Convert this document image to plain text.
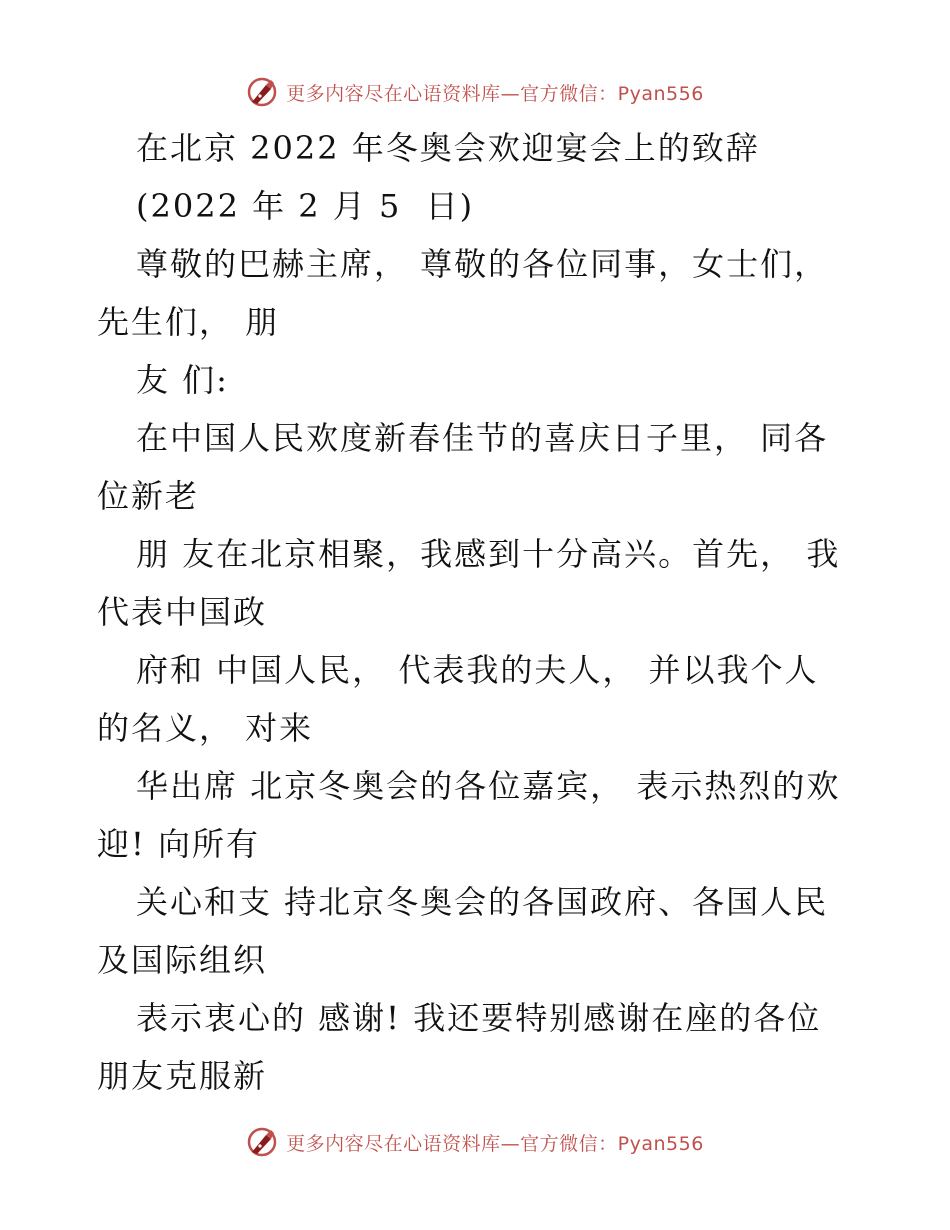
更多内容尽在心语资料库—官方微信：Pyan556
在北京 2022 年冬奥会欢迎宴会上的致辞
(2022 年 2 月 5  日)
尊敬的巴赫主席， 尊敬的各位同事，女士们，
先生们， 朋
友 们:
在中国人民欢度新春佳节的喜庆日子里， 同各
位新老
朋 友在北京相聚，我感到十分高兴。首先， 我
代表中国政
府和 中国人民， 代表我的夫人， 并以我个人
的名义， 对来
华出席 北京冬奥会的各位嘉宾， 表示热烈的欢
迎! 向所有
关心和支 持北京冬奥会的各国政府、各国人民
及国际组织
表示衷心的 感谢! 我还要特别感谢在座的各位
朋友克服新
更多内容尽在心语资料库—官方微信：Pyan556
